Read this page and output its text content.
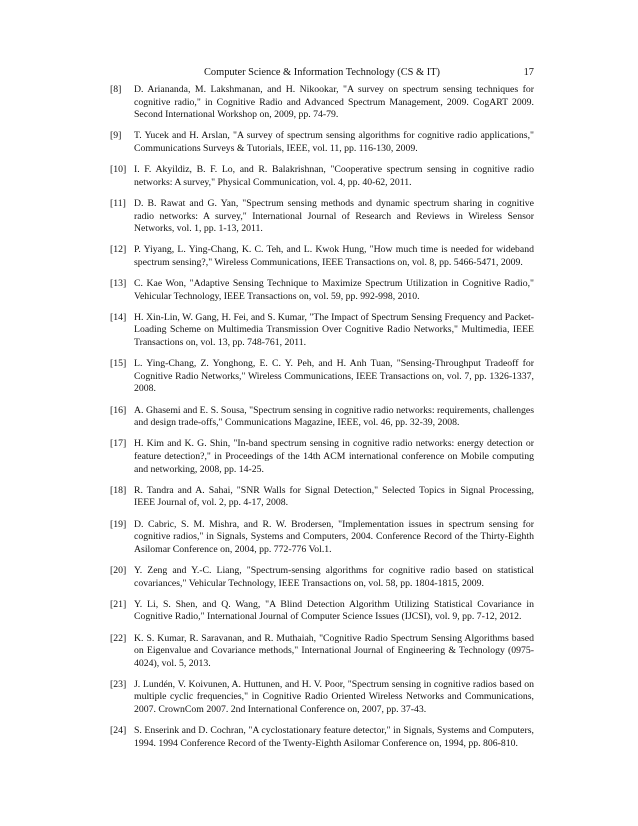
Computer Science & Information Technology (CS & IT)	17
[8]	D. Ariananda, M. Lakshmanan, and H. Nikookar, "A survey on spectrum sensing techniques for cognitive radio," in Cognitive Radio and Advanced Spectrum Management, 2009. CogART 2009. Second International Workshop on, 2009, pp. 74-79.
[9]	T. Yucek and H. Arslan, "A survey of spectrum sensing algorithms for cognitive radio applications," Communications Surveys & Tutorials, IEEE, vol. 11, pp. 116-130, 2009.
[10] I. F. Akyildiz, B. F. Lo, and R. Balakrishnan, "Cooperative spectrum sensing in cognitive radio networks: A survey," Physical Communication, vol. 4, pp. 40-62, 2011.
[11] D. B. Rawat and G. Yan, "Spectrum sensing methods and dynamic spectrum sharing in cognitive radio networks: A survey," International Journal of Research and Reviews in Wireless Sensor Networks, vol. 1, pp. 1-13, 2011.
[12] P. Yiyang, L. Ying-Chang, K. C. Teh, and L. Kwok Hung, "How much time is needed for wideband spectrum sensing?," Wireless Communications, IEEE Transactions on, vol. 8, pp. 5466-5471, 2009.
[13] C. Kae Won, "Adaptive Sensing Technique to Maximize Spectrum Utilization in Cognitive Radio," Vehicular Technology, IEEE Transactions on, vol. 59, pp. 992-998, 2010.
[14] H. Xin-Lin, W. Gang, H. Fei, and S. Kumar, "The Impact of Spectrum Sensing Frequency and Packet-Loading Scheme on Multimedia Transmission Over Cognitive Radio Networks," Multimedia, IEEE Transactions on, vol. 13, pp. 748-761, 2011.
[15] L. Ying-Chang, Z. Yonghong, E. C. Y. Peh, and H. Anh Tuan, "Sensing-Throughput Tradeoff for Cognitive Radio Networks," Wireless Communications, IEEE Transactions on, vol. 7, pp. 1326-1337, 2008.
[16] A. Ghasemi and E. S. Sousa, "Spectrum sensing in cognitive radio networks: requirements, challenges and design trade-offs," Communications Magazine, IEEE, vol. 46, pp. 32-39, 2008.
[17] H. Kim and K. G. Shin, "In-band spectrum sensing in cognitive radio networks: energy detection or feature detection?," in Proceedings of the 14th ACM international conference on Mobile computing and networking, 2008, pp. 14-25.
[18] R. Tandra and A. Sahai, "SNR Walls for Signal Detection," Selected Topics in Signal Processing, IEEE Journal of, vol. 2, pp. 4-17, 2008.
[19] D. Cabric, S. M. Mishra, and R. W. Brodersen, "Implementation issues in spectrum sensing for cognitive radios," in Signals, Systems and Computers, 2004. Conference Record of the Thirty-Eighth Asilomar Conference on, 2004, pp. 772-776 Vol.1.
[20] Y. Zeng and Y.-C. Liang, "Spectrum-sensing algorithms for cognitive radio based on statistical covariances," Vehicular Technology, IEEE Transactions on, vol. 58, pp. 1804-1815, 2009.
[21] Y. Li, S. Shen, and Q. Wang, "A Blind Detection Algorithm Utilizing Statistical Covariance in Cognitive Radio," International Journal of Computer Science Issues (IJCSI), vol. 9, pp. 7-12, 2012.
[22] K. S. Kumar, R. Saravanan, and R. Muthaiah, "Cognitive Radio Spectrum Sensing Algorithms based on Eigenvalue and Covariance methods," International Journal of Engineering & Technology (0975-4024), vol. 5, 2013.
[23] J. Lundén, V. Koivunen, A. Huttunen, and H. V. Poor, "Spectrum sensing in cognitive radios based on multiple cyclic frequencies," in Cognitive Radio Oriented Wireless Networks and Communications, 2007. CrownCom 2007. 2nd International Conference on, 2007, pp. 37-43.
[24] S. Enserink and D. Cochran, "A cyclostationary feature detector," in Signals, Systems and Computers, 1994. 1994 Conference Record of the Twenty-Eighth Asilomar Conference on, 1994, pp. 806-810.
